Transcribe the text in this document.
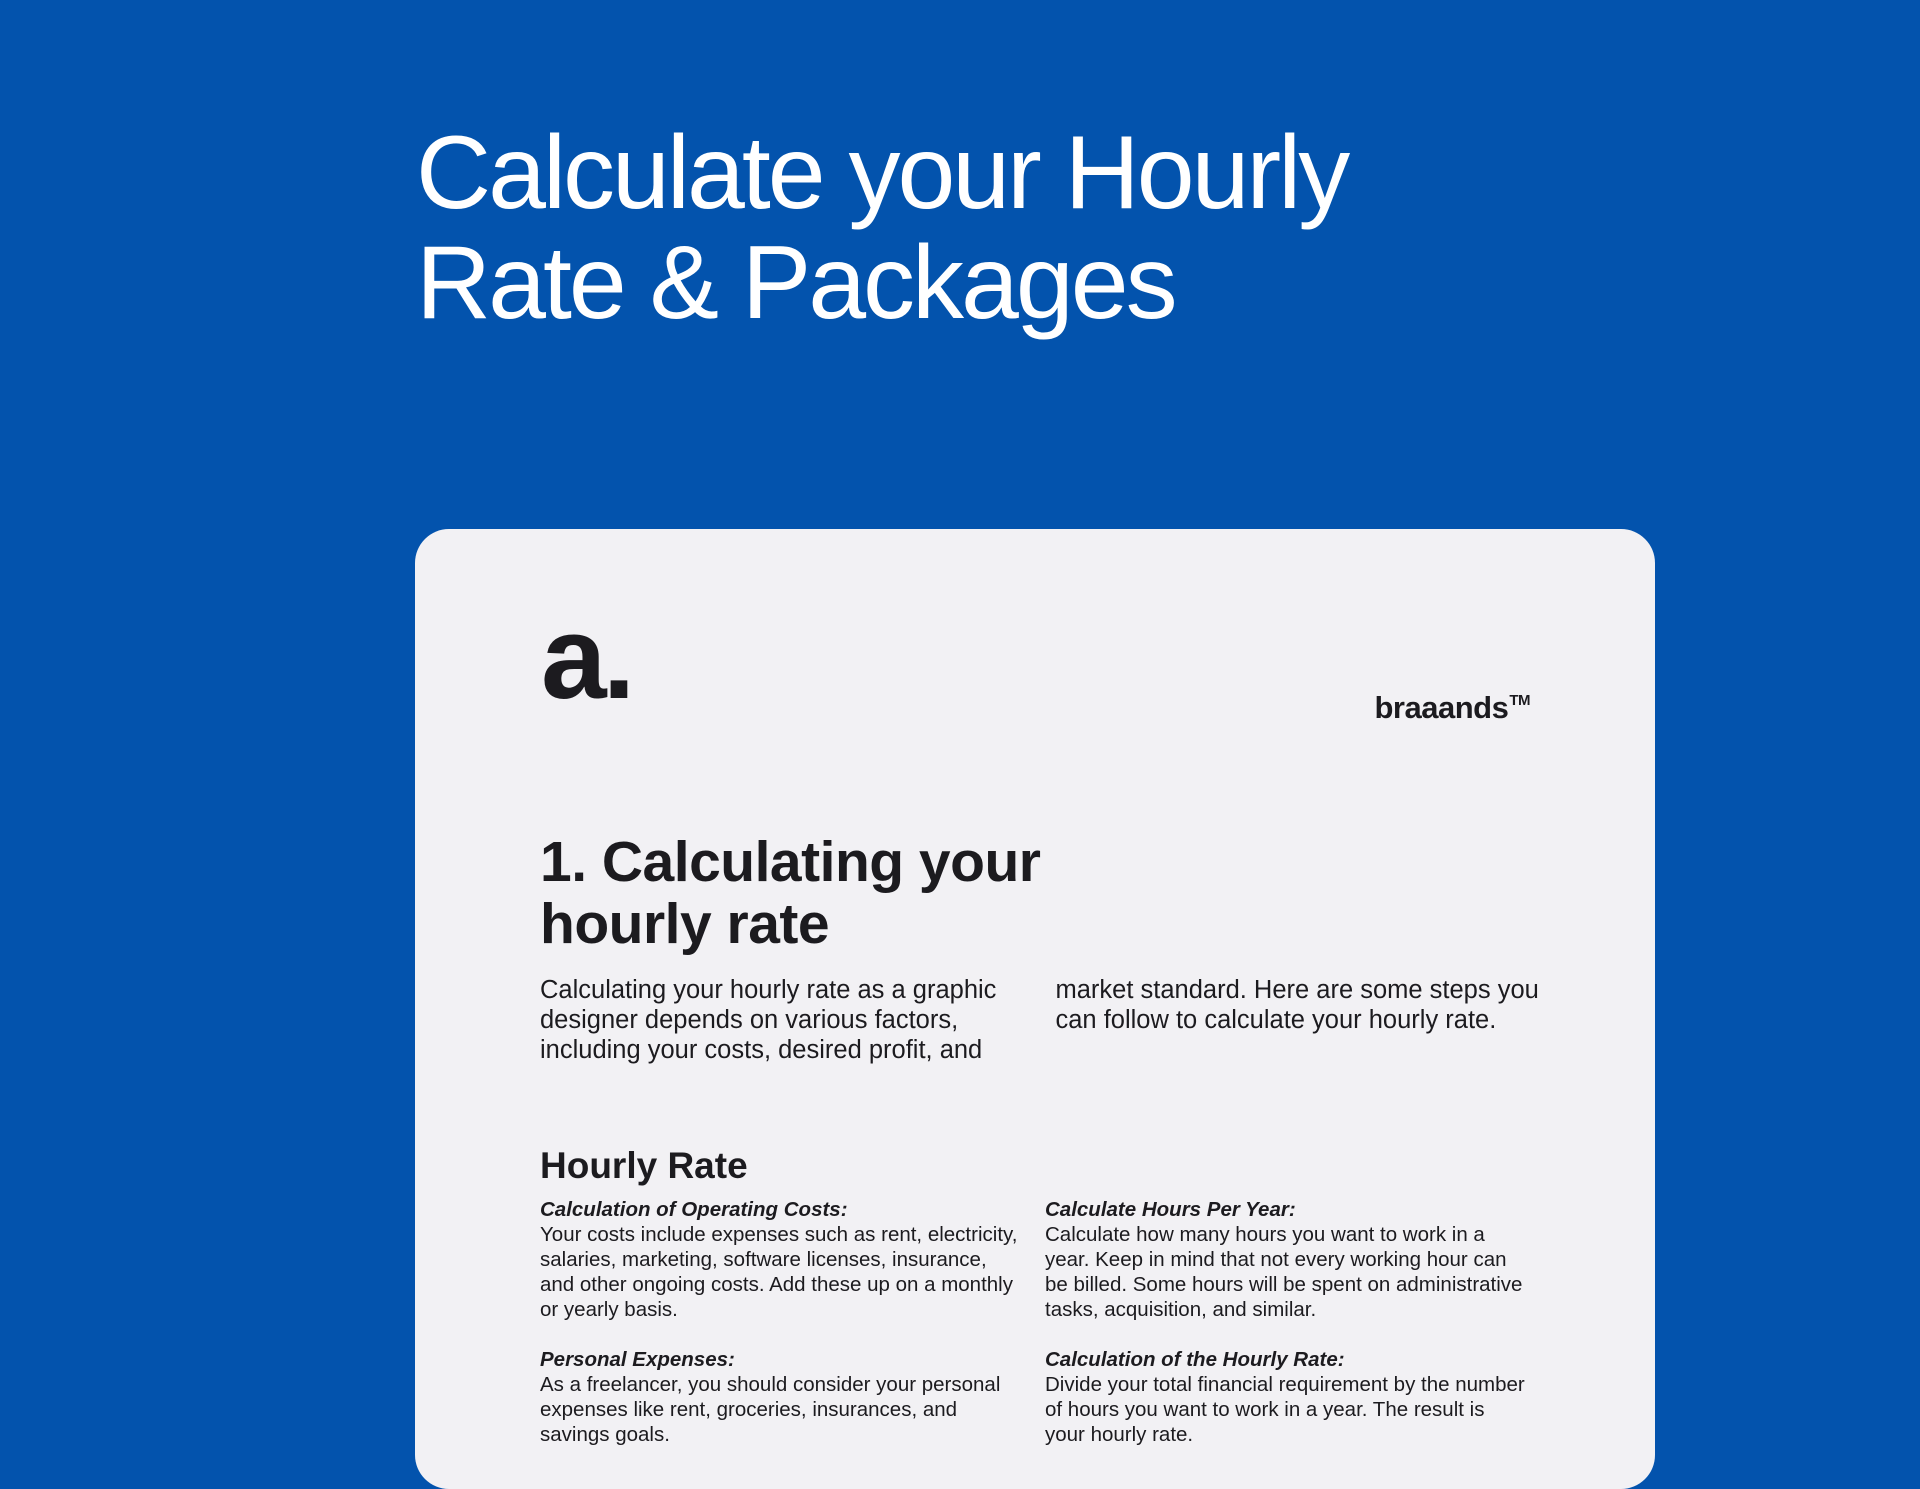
Calculate your Hourly
Rate & Packages
a.	braaands™
1. Calculating your
hourly rate

Calculating your hourly rate as a graphic designer depends on various factors, including your costs, desired profit, and market standard. Here are some steps you can follow to calculate your hourly rate.

Hourly Rate
Calculation of Operating Costs:
Your costs include expenses such as rent, electricity, salaries, marketing, software licenses, insurance, and other ongoing costs. Add these up on a monthly or yearly basis.
Personal Expenses:
As a freelancer, you should consider your personal expenses like rent, groceries, insurances, and savings goals.
Calculate Hours Per Year:
Calculate how many hours you want to work in a year. Keep in mind that not every working hour can be billed. Some hours will be spent on administrative tasks, acquisition, and similar.
Calculation of the Hourly Rate:
Divide your total financial requirement by the number of hours you want to work in a year. The result is your hourly rate.
